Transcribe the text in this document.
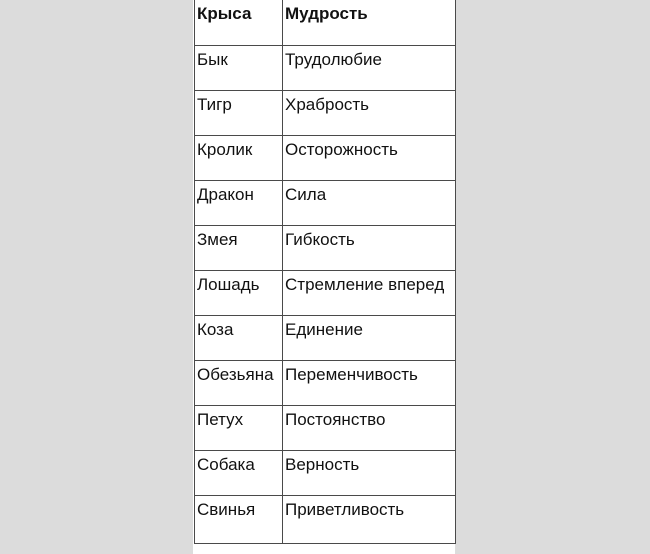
Крыса	Мудрость
Бык	Трудолюбие
Тигр	Храбрость
Кролик	Осторожность
Дракон	Сила
Змея	Гибкость
Лошадь	Стремление вперед
Коза	Единение
Обезьяна	Переменчивость
Петух	Постоянство
Собака	Верность
Свинья	Приветливость
